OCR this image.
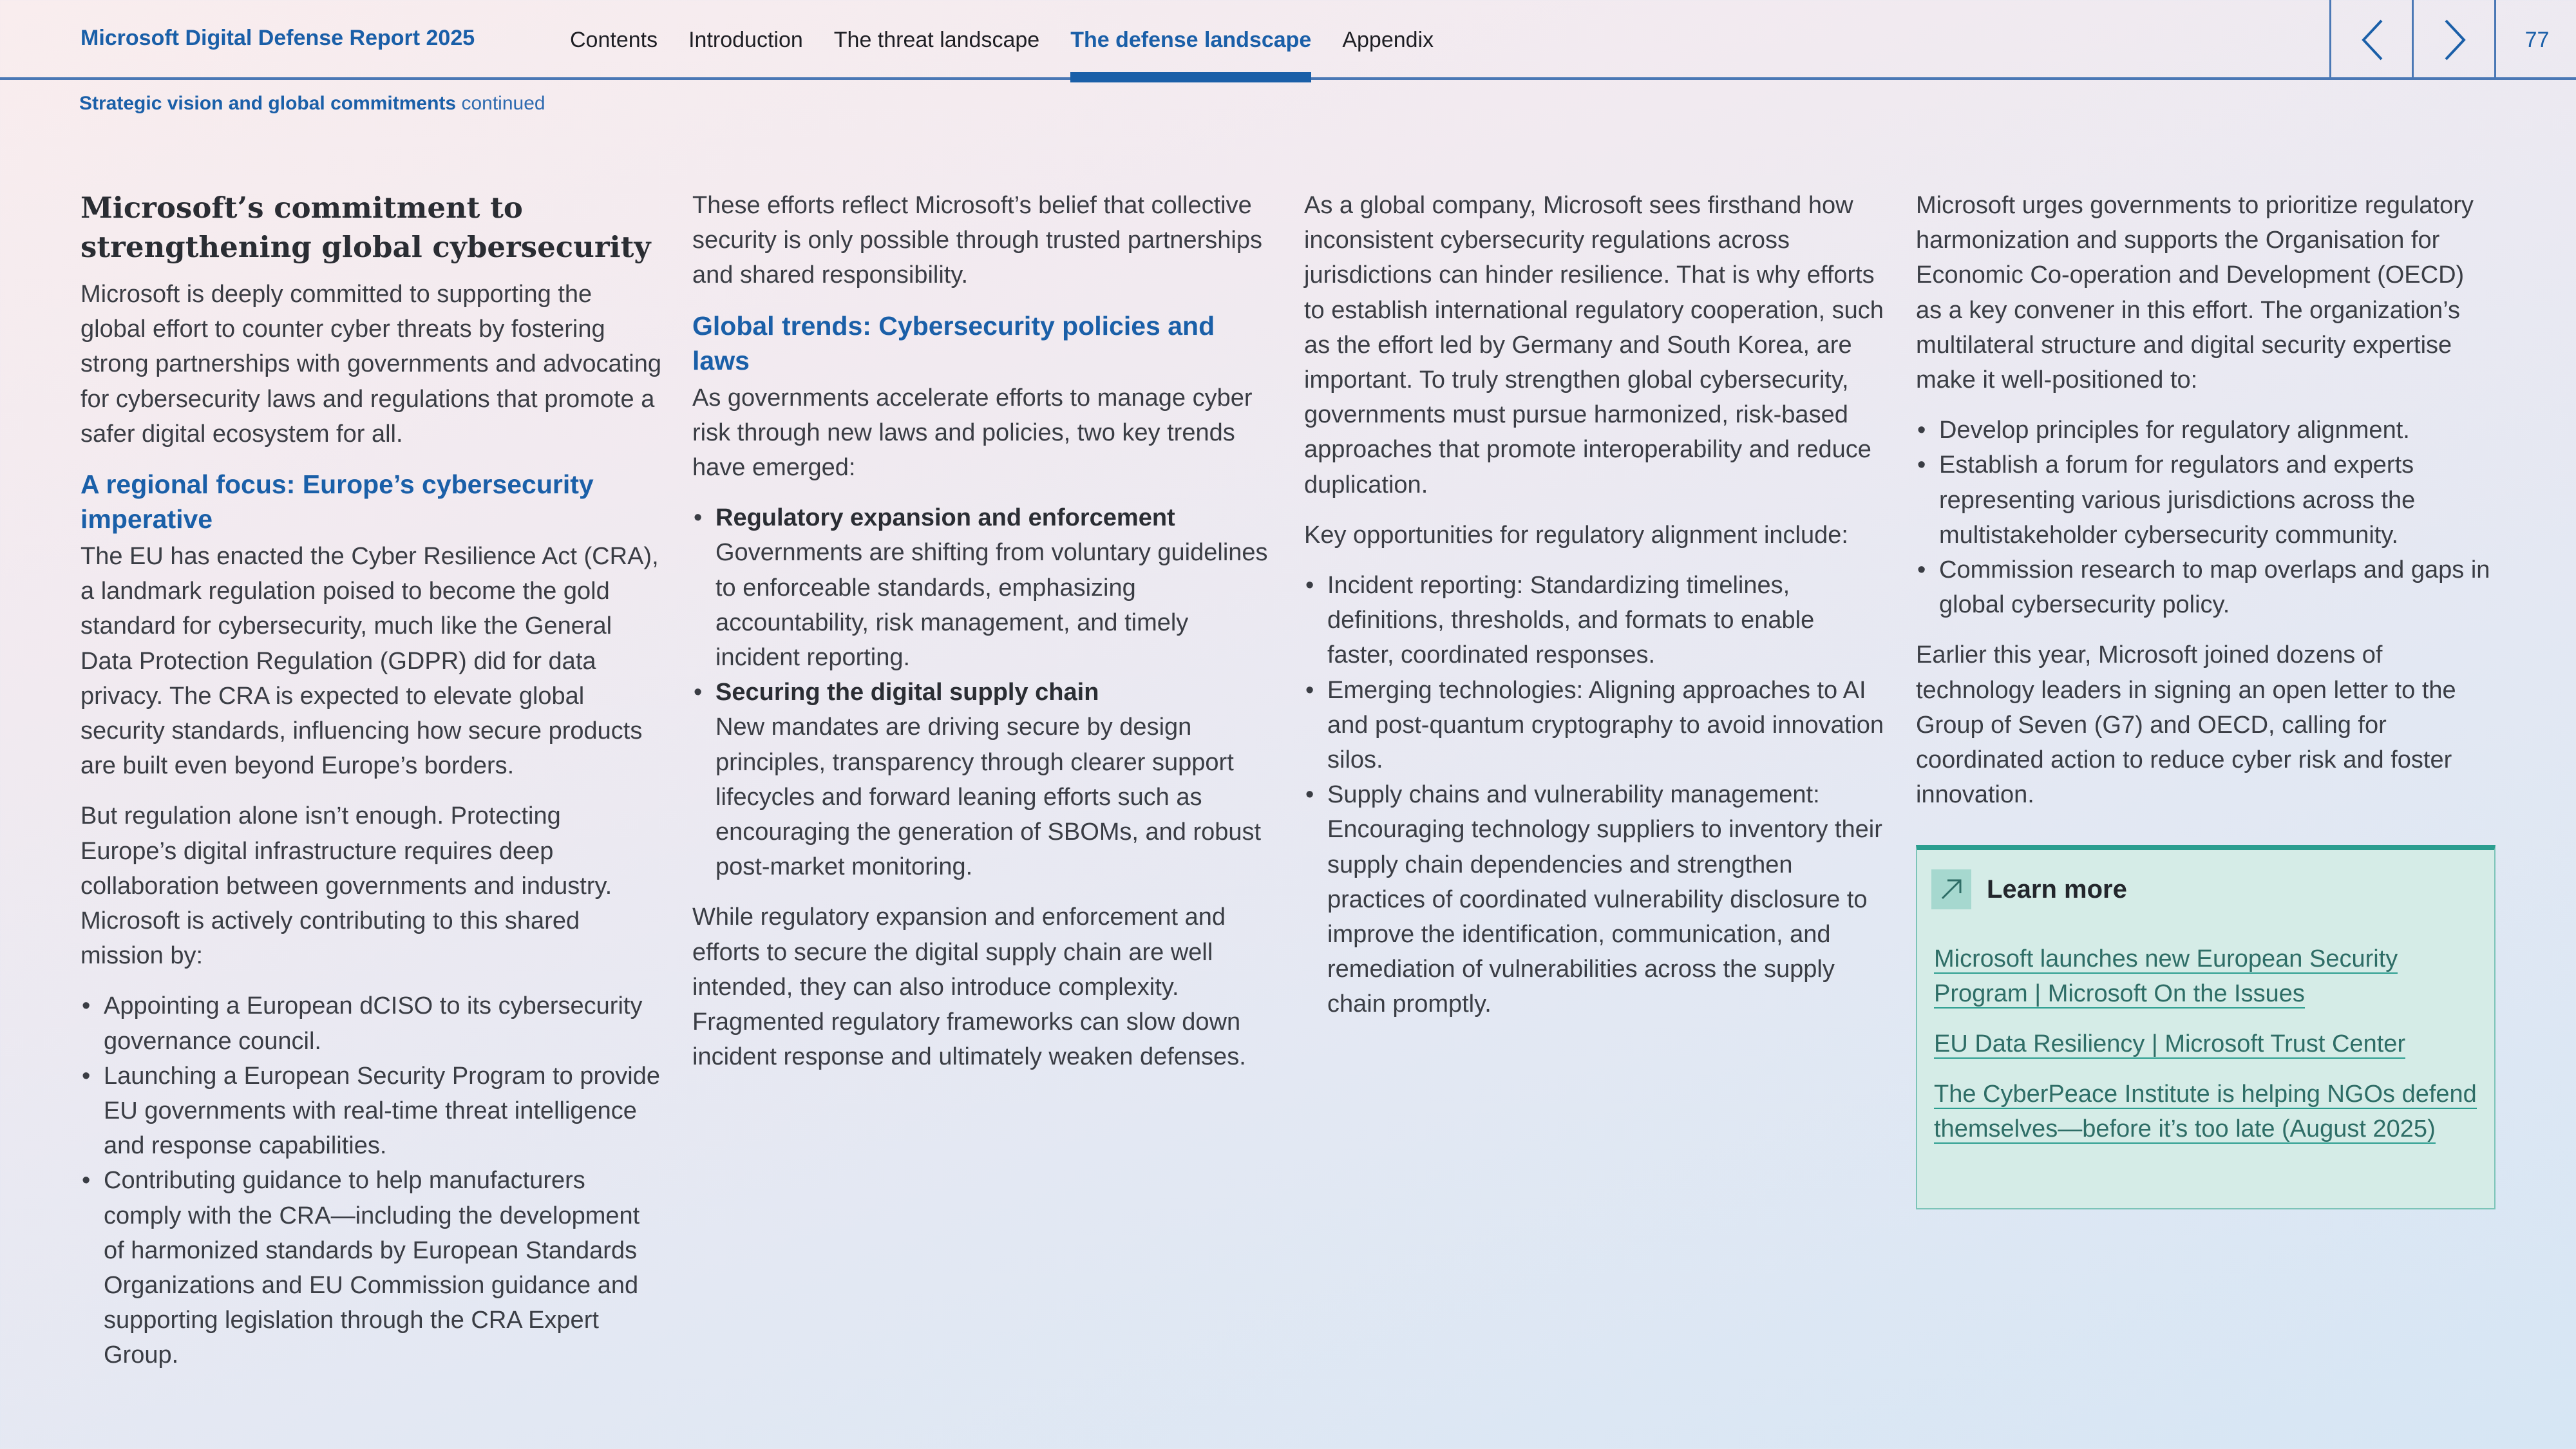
Microsoft Digital Defense Report 2025	Contents Introduction The threat landscape The defense landscape Appendix	77
Strategic vision and global commitments continued
Microsoft’s commitment to strengthening global cybersecurity

Microsoft is deeply committed to supporting the global effort to counter cyber threats by fostering strong partnerships with governments and advocating for cybersecurity laws and regulations that promote a safer digital ecosystem for all.

A regional focus: Europe’s cybersecurity imperative

The EU has enacted the Cyber Resilience Act (CRA), a landmark regulation poised to become the gold standard for cybersecurity, much like the General Data Protection Regulation (GDPR) did for data privacy. The CRA is expected to elevate global security standards, influencing how secure products are built even beyond Europe’s borders.

But regulation alone isn’t enough. Protecting Europe’s digital infrastructure requires deep collaboration between governments and industry. Microsoft is actively contributing to this shared mission by:

• Appointing a European dCISO to its cybersecurity governance council.
• Launching a European Security Program to provide EU governments with real-time threat intelligence and response capabilities.
• Contributing guidance to help manufacturers comply with the CRA—including the development of harmonized standards by European Standards Organizations and EU Commission guidance and supporting legislation through the CRA Expert Group.

These efforts reflect Microsoft’s belief that collective security is only possible through trusted partnerships and shared responsibility.

Global trends: Cybersecurity policies and laws

As governments accelerate efforts to manage cyber risk through new laws and policies, two key trends have emerged:

• Regulatory expansion and enforcement
Governments are shifting from voluntary guidelines to enforceable standards, emphasizing accountability, risk management, and timely incident reporting.
• Securing the digital supply chain
New mandates are driving secure by design principles, transparency through clearer support lifecycles and forward leaning efforts such as encouraging the generation of SBOMs, and robust post-market monitoring.

While regulatory expansion and enforcement and efforts to secure the digital supply chain are well intended, they can also introduce complexity. Fragmented regulatory frameworks can slow down incident response and ultimately weaken defenses.

As a global company, Microsoft sees firsthand how inconsistent cybersecurity regulations across jurisdictions can hinder resilience. That is why efforts to establish international regulatory cooperation, such as the effort led by Germany and South Korea, are important. To truly strengthen global cybersecurity, governments must pursue harmonized, risk-based approaches that promote interoperability and reduce duplication.

Key opportunities for regulatory alignment include:

• Incident reporting: Standardizing timelines, definitions, thresholds, and formats to enable faster, coordinated responses.
• Emerging technologies: Aligning approaches to AI and post-quantum cryptography to avoid innovation silos.
• Supply chains and vulnerability management: Encouraging technology suppliers to inventory their supply chain dependencies and strengthen practices of coordinated vulnerability disclosure to improve the identification, communication, and remediation of vulnerabilities across the supply chain promptly.

Microsoft urges governments to prioritize regulatory harmonization and supports the Organisation for Economic Co-operation and Development (OECD) as a key convener in this effort. The organization’s multilateral structure and digital security expertise make it well-positioned to:

• Develop principles for regulatory alignment.
• Establish a forum for regulators and experts representing various jurisdictions across the multistakeholder cybersecurity community.
• Commission research to map overlaps and gaps in global cybersecurity policy.

Earlier this year, Microsoft joined dozens of technology leaders in signing an open letter to the Group of Seven (G7) and OECD, calling for coordinated action to reduce cyber risk and foster innovation.

Learn more
Microsoft launches new European Security Program | Microsoft On the Issues
EU Data Resiliency | Microsoft Trust Center
The CyberPeace Institute is helping NGOs defend themselves—before it’s too late (August 2025)
